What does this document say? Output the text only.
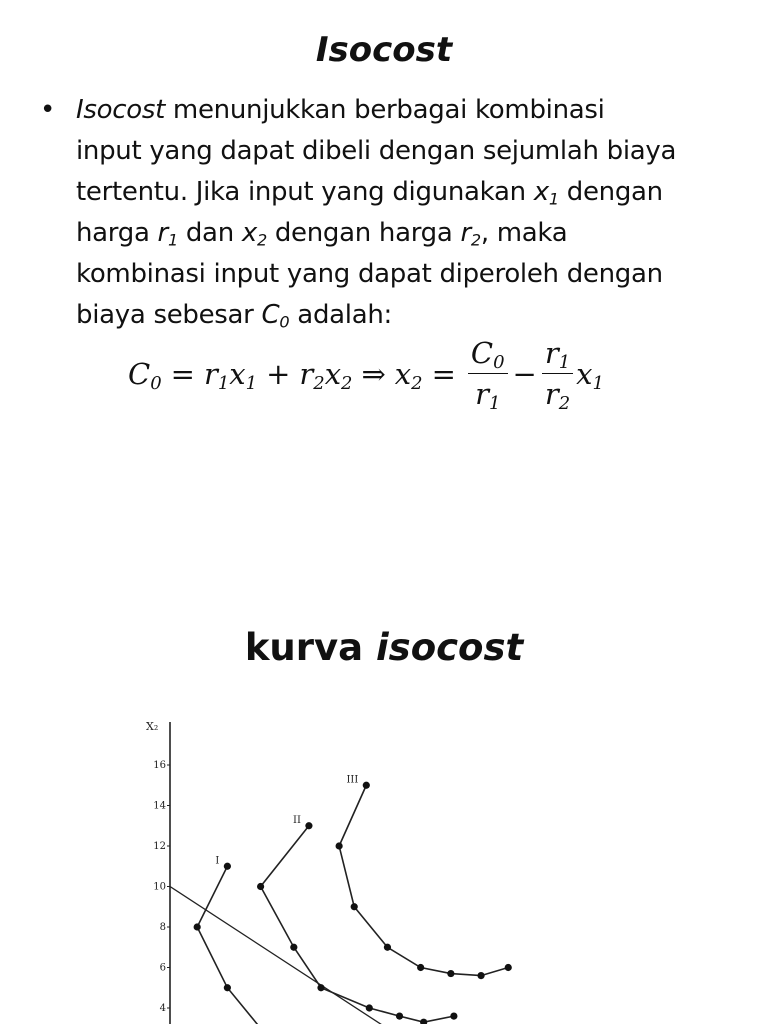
Isocost
• Isocost menunjukkan berbagai kombinasi
input yang dapat dibeli dengan sejumlah biaya
tertentu. Jika input yang digunakan $x_1$ dengan
harga $r_1$ dan $x_2$ dengan harga $r_2$, maka
kombinasi input yang dapat diperoleh dengan
biaya sebesar $C_0$ adalah:
$C_0 = r_1x_1 + r_2x_2$ ⇒ $x_2 = \frac{C_0}{r_1} - \frac{r_1}{r_2} x_1$
kurva isocost
X₂
4
6
8
10
12
14
16
I
II
III
